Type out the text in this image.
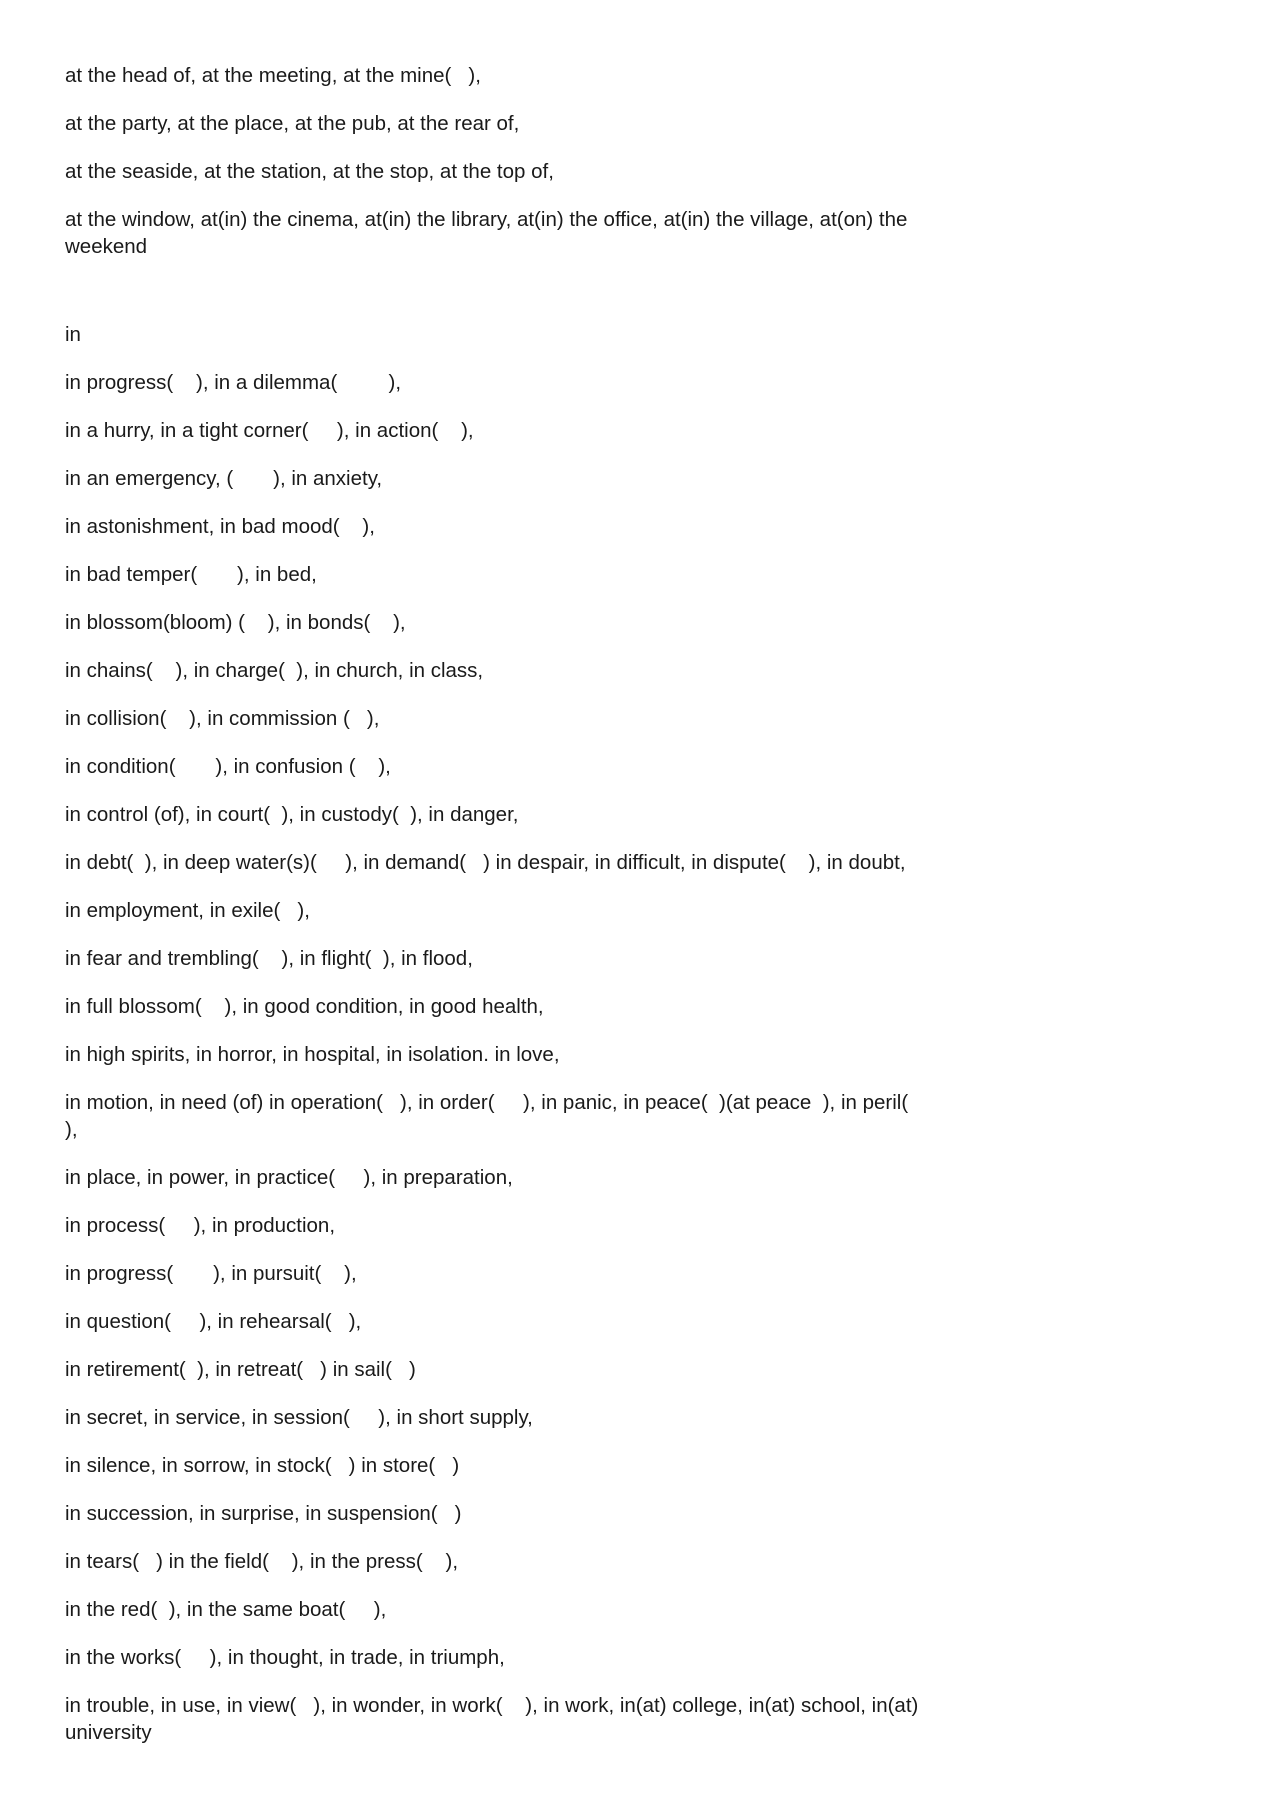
at the head of, at the meeting, at the mine(   ),

at the party, at the place, at the pub, at the rear of,

at the seaside, at the station, at the stop, at the top of,

at the window, at(in) the cinema, at(in) the library, at(in) the office, at(in) the village, at(on) the weekend

in

in progress(    ), in a dilemma(         ),

in a hurry, in a tight corner(     ), in action(    ),

in an emergency, (       ), in anxiety,

in astonishment, in bad mood(    ),

in bad temper(       ), in bed,

in blossom(bloom) (    ), in bonds(    ),

in chains(    ), in charge(  ), in church, in class,

in collision(    ), in commission (   ),

in condition(       ), in confusion (    ),

in control (of), in court(  ), in custody(  ), in danger,

in debt(  ), in deep water(s)(     ), in demand(   ) in despair, in difficult, in dispute(    ), in doubt,

in employment, in exile(   ),

in fear and trembling(    ), in flight(  ), in flood,

in full blossom(    ), in good condition, in good health,

in high spirits, in horror, in hospital, in isolation. in love,

in motion, in need (of) in operation(   ), in order(     ), in panic, in peace(  )(at peace  ), in peril(
),

in place, in power, in practice(     ), in preparation,

in process(     ), in production,

in progress(       ), in pursuit(    ),

in question(     ), in rehearsal(   ),

in retirement(  ), in retreat(   ) in sail(   )

in secret, in service, in session(     ), in short supply,

in silence, in sorrow, in stock(   ) in store(   )

in succession, in surprise, in suspension(   )

in tears(   ) in the field(    ), in the press(    ),

in the red(  ), in the same boat(     ),

in the works(     ), in thought, in trade, in triumph,

in trouble, in use, in view(   ), in wonder, in work(    ), in work, in(at) college, in(at) school, in(at) university
